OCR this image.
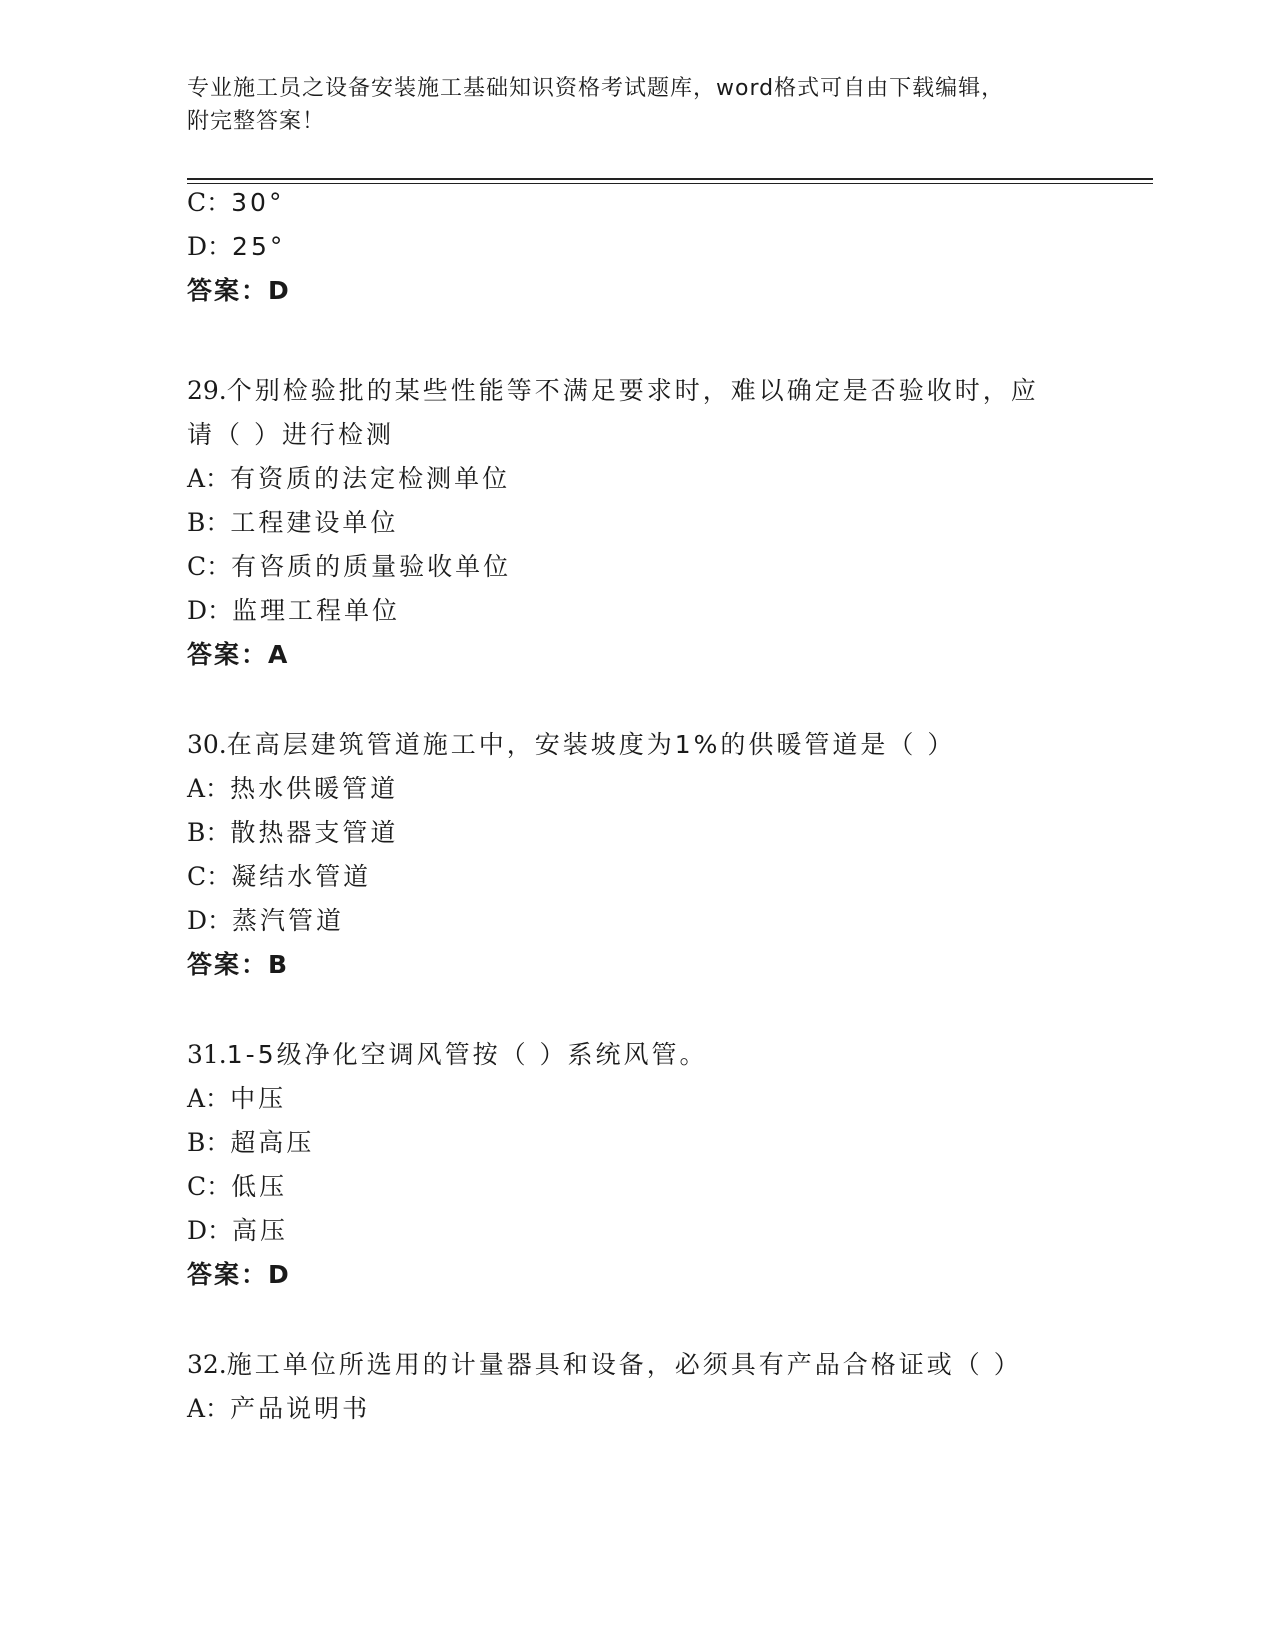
专业施工员之设备安装施工基础知识资格考试题库，word格式可自由下载编辑，
附完整答案！
C：30°
D：25°
答案：D
29.个别检验批的某些性能等不满足要求时，难以确定是否验收时，应
请（ ）进行检测
A：有资质的法定检测单位
B：工程建设单位
C：有咨质的质量验收单位
D：监理工程单位
答案：A
30.在高层建筑管道施工中，安装坡度为1%的供暖管道是（ ）
A：热水供暖管道
B：散热器支管道
C：凝结水管道
D：蒸汽管道
答案：B
31.1-5级净化空调风管按（ ）系统风管。
A：中压
B：超高压
C：低压
D：高压
答案：D
32.施工单位所选用的计量器具和设备，必须具有产品合格证或（ ）
A：产品说明书
